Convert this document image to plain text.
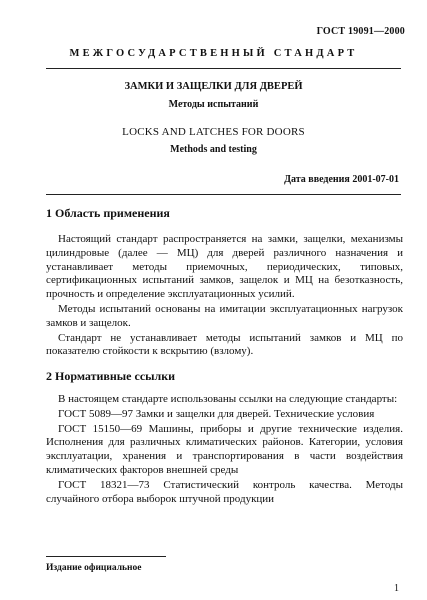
ГОСТ 19091—2000
МЕЖГОСУДАРСТВЕННЫЙ СТАНДАРТ
ЗАМКИ И ЗАЩЕЛКИ ДЛЯ ДВЕРЕЙ
Методы испытаний
LOCKS AND LATCHES FOR DOORS
Methods and testing
Дата введения 2001-07-01
1 Область применения

Настоящий стандарт распространяется на замки, защелки, механизмы цилиндровые (далее — МЦ) для дверей различного назначения и устанавливает методы приемочных, периодических, типовых, сертификационных испытаний замков, защелок и МЦ на безотказность, прочность и определение эксплуатационных усилий.

Методы испытаний основаны на имитации эксплуатационных нагрузок замков и защелок.

Стандарт не устанавливает методы испытаний замков и МЦ по показателю стойкости к вскрытию (взлому).

2 Нормативные ссылки

В настоящем стандарте использованы ссылки на следующие стандарты:

ГОСТ 5089—97 Замки и защелки для дверей. Технические условия

ГОСТ 15150—69 Машины, приборы и другие технические изделия. Исполнения для различных климатических районов. Категории, условия эксплуатации, хранения и транспортирования в части воздействия климатических факторов внешней среды

ГОСТ 18321—73 Статистический контроль качества. Методы случайного отбора выборок штучной продукции

Издание официальное
1
